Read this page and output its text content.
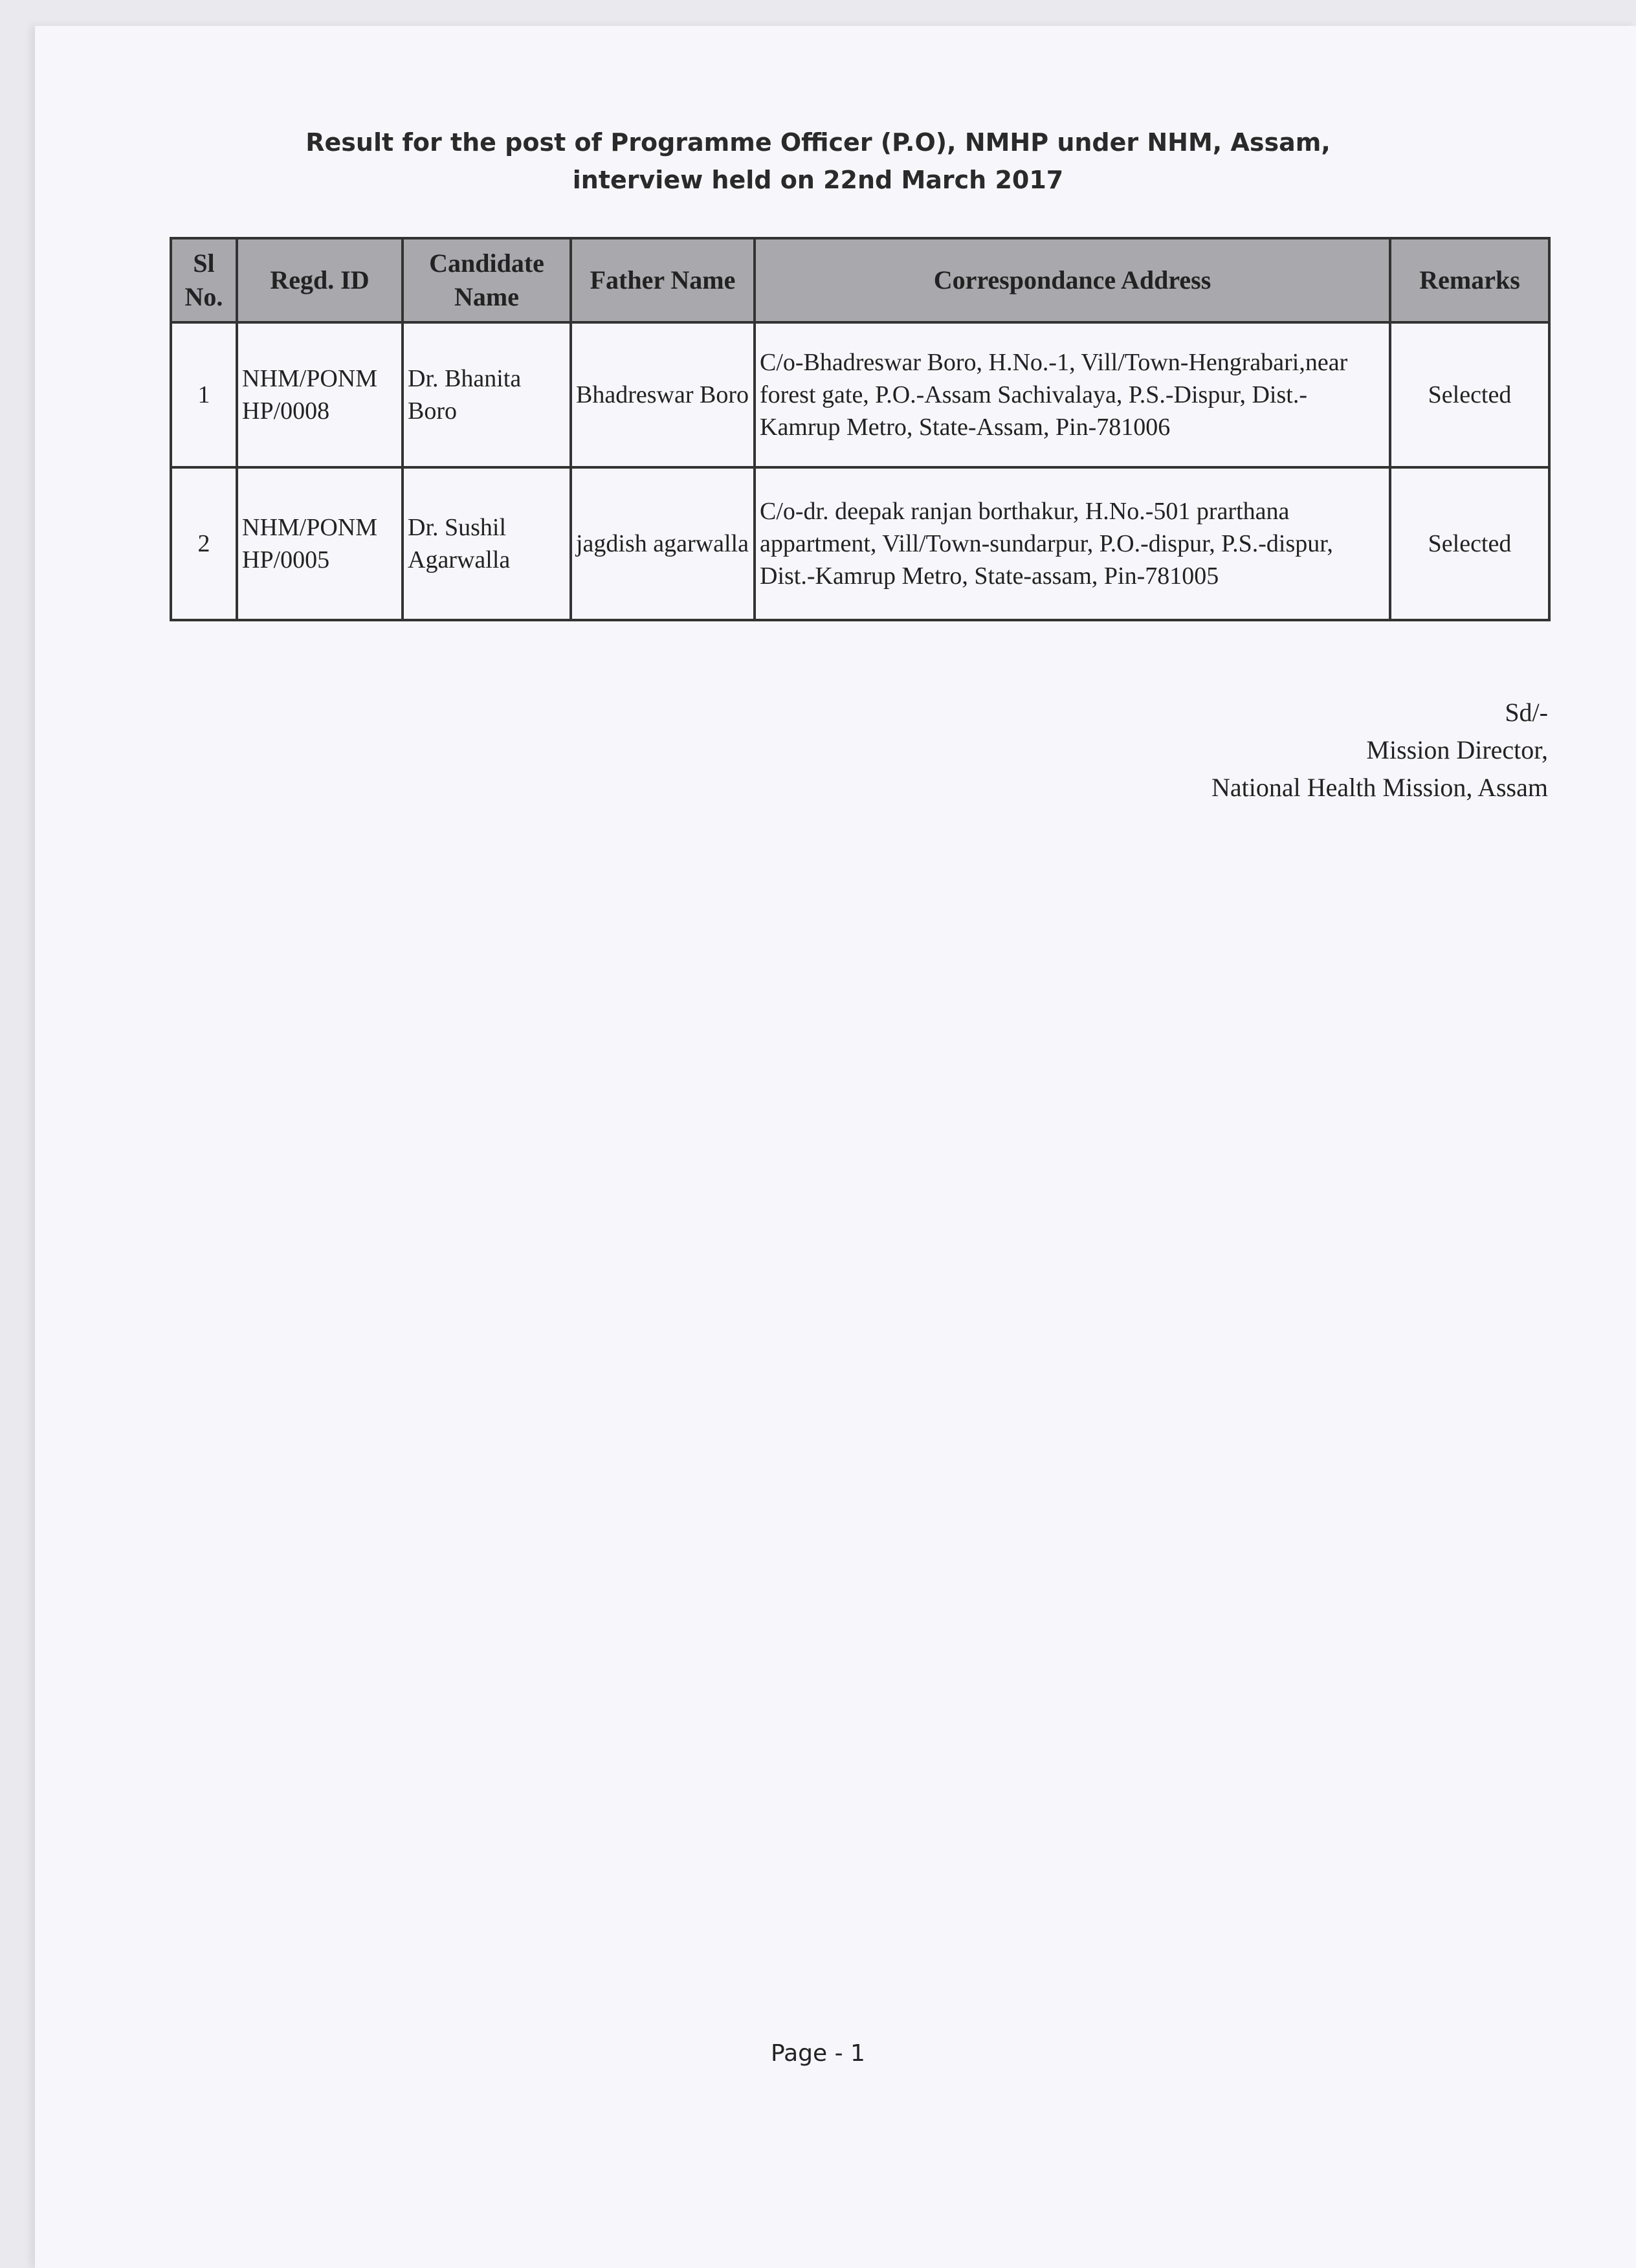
Result for the post of Programme Officer (P.O), NMHP under NHM, Assam,
interview held on 22nd March 2017
Sl No.	Regd. ID	Candidate Name	Father Name	Correspondance Address	Remarks
1	NHM/PONM HP/0008	Dr. Bhanita Boro	Bhadreswar Boro	C/o-Bhadreswar Boro, H.No.-1, Vill/Town-Hengrabari,near forest gate, P.O.-Assam Sachivalaya, P.S.-Dispur, Dist.-Kamrup Metro, State-Assam, Pin-781006	Selected
2	NHM/PONM HP/0005	Dr. Sushil Agarwalla	jagdish agarwalla	C/o-dr. deepak ranjan borthakur, H.No.-501 prarthana appartment, Vill/Town-sundarpur, P.O.-dispur, P.S.-dispur, Dist.-Kamrup Metro, State-assam, Pin-781005	Selected
Sd/-
Mission Director,
National Health Mission, Assam
Page - 1
